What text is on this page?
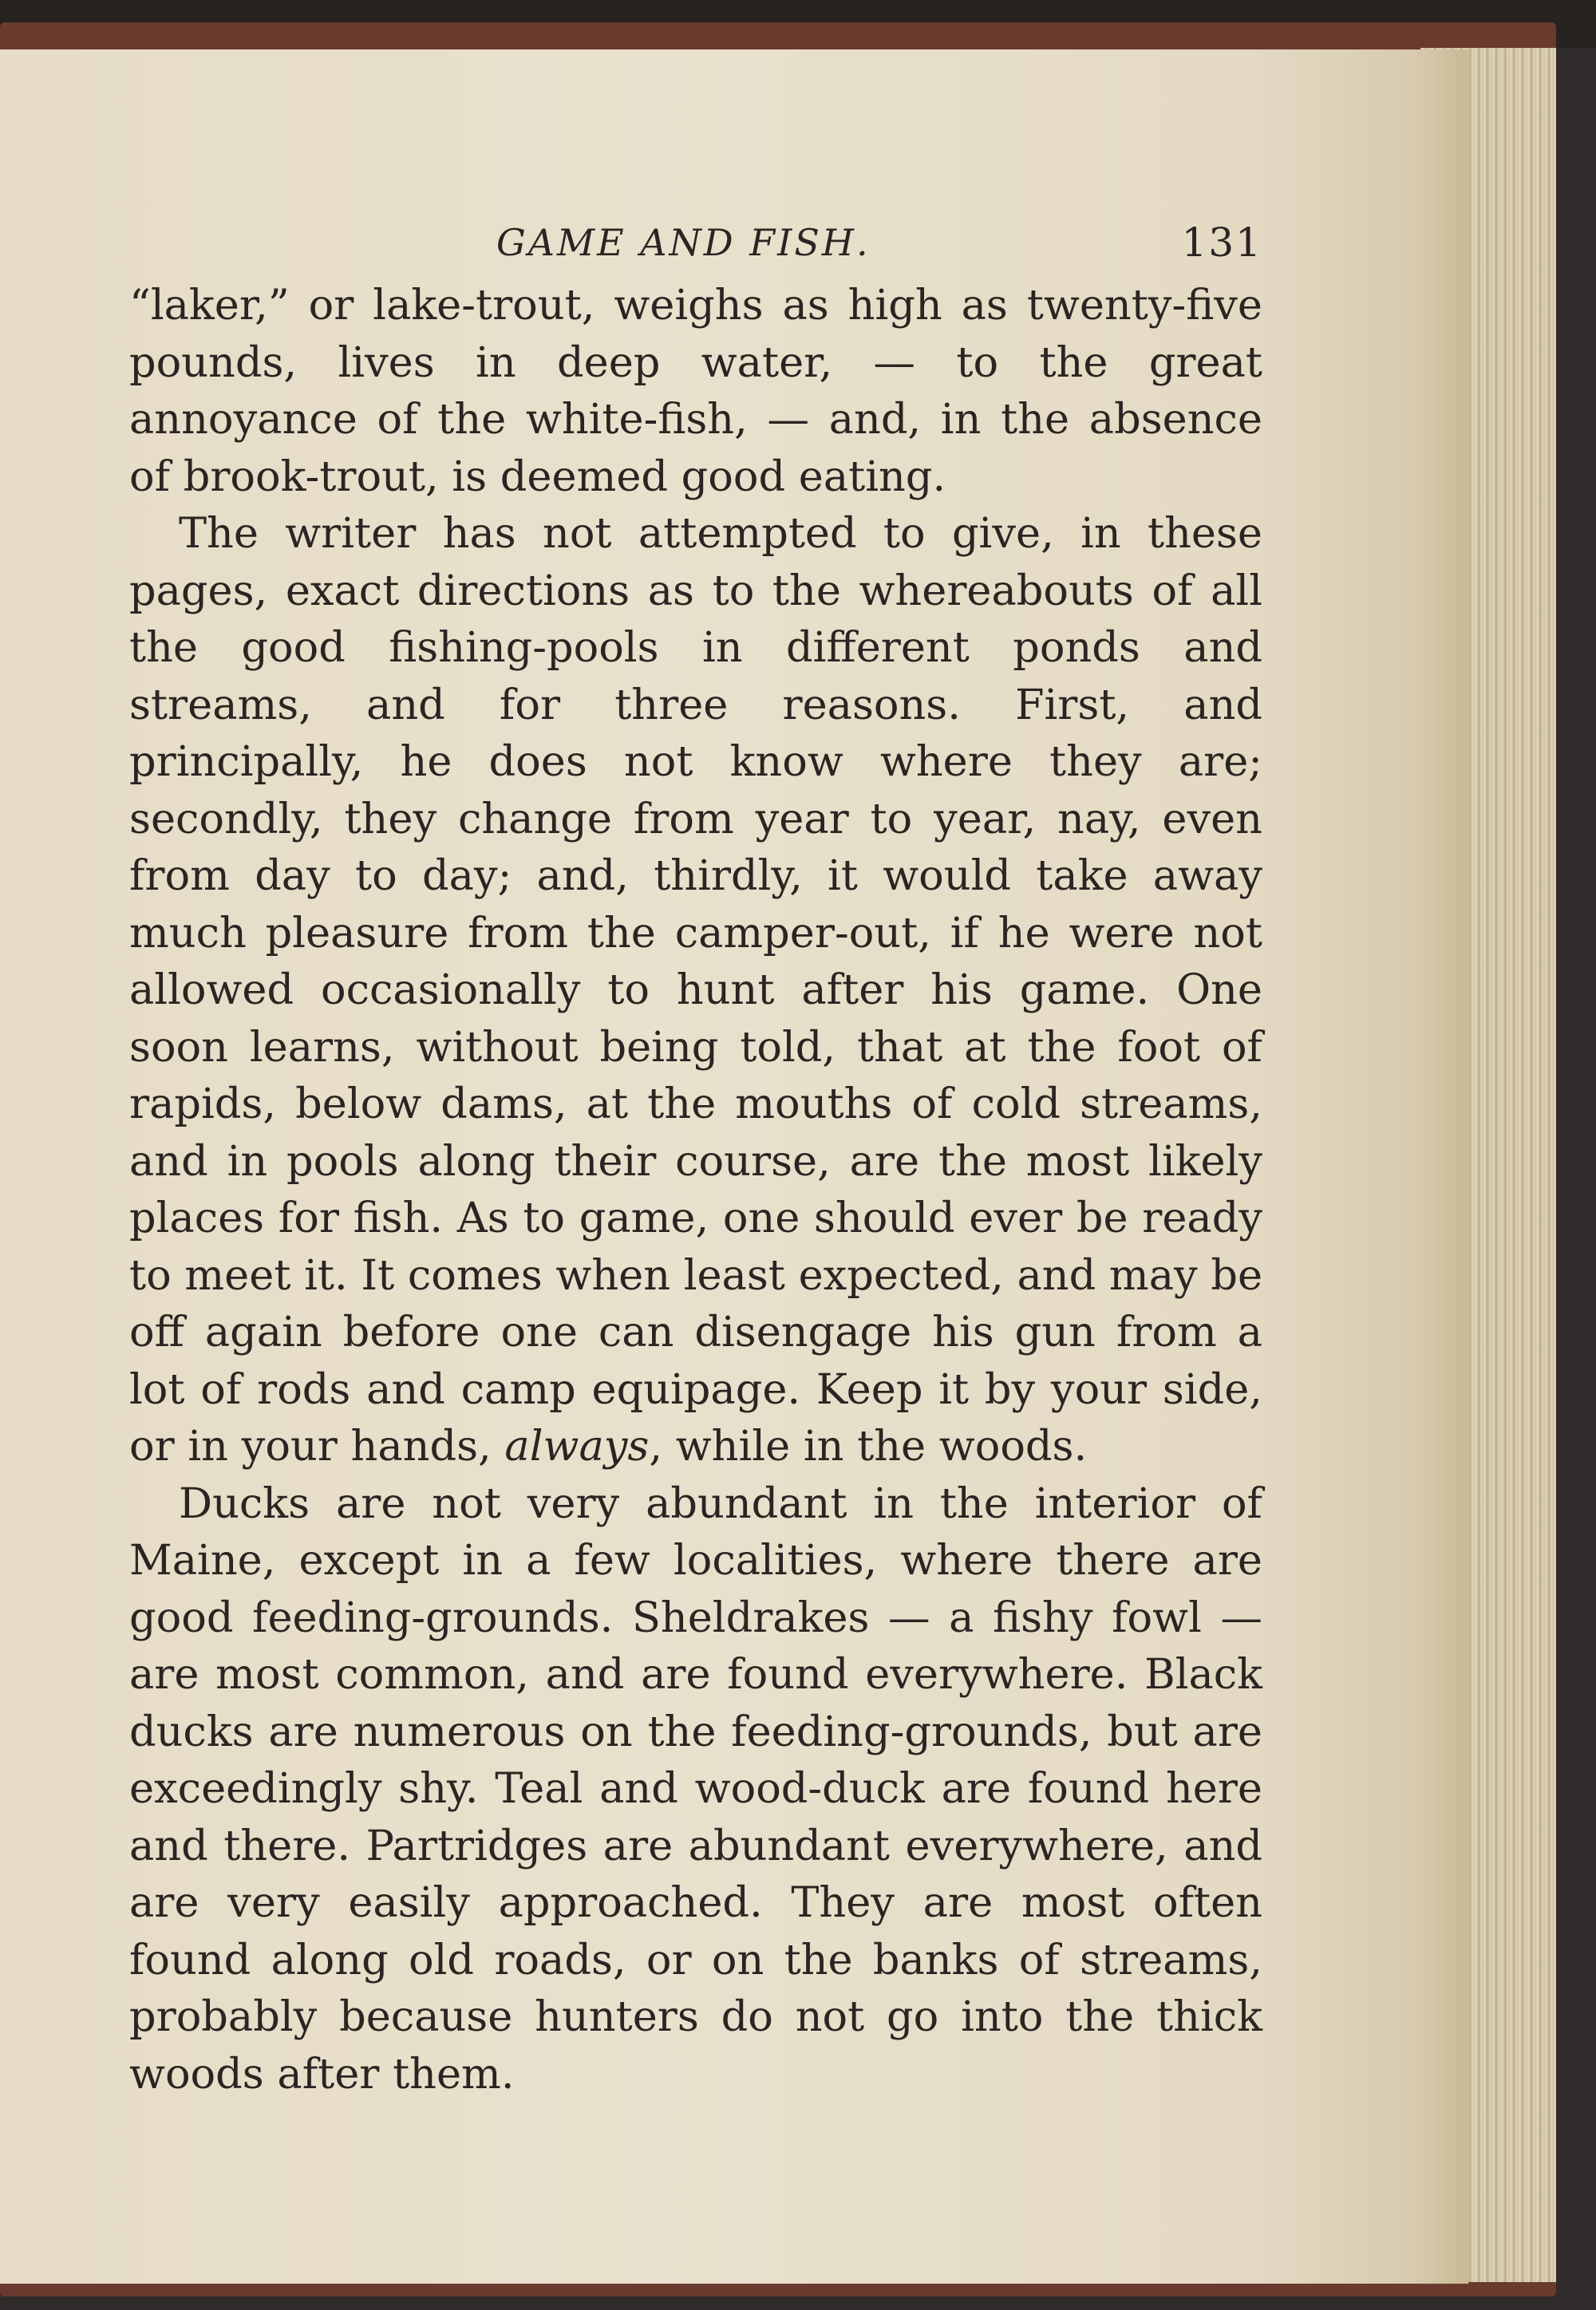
GAME AND FISH.	131

“laker,” or lake-trout, weighs as high as twenty-five pounds, lives in deep water, — to the great annoyance of the white-fish, — and, in the absence of brook-trout, is deemed good eating.

The writer has not attempted to give, in these pages, exact directions as to the whereabouts of all the good fishing-pools in different ponds and streams, and for three reasons. First, and principally, he does not know where they are; secondly, they change from year to year, nay, even from day to day; and, thirdly, it would take away much pleasure from the camper-out, if he were not allowed occasionally to hunt after his game. One soon learns, without being told, that at the foot of rapids, below dams, at the mouths of cold streams, and in pools along their course, are the most likely places for fish. As to game, one should ever be ready to meet it. It comes when least expected, and may be off again before one can disengage his gun from a lot of rods and camp equipage. Keep it by your side, or in your hands, always, while in the woods.

Ducks are not very abundant in the interior of Maine, except in a few localities, where there are good feeding-grounds. Sheldrakes — a fishy fowl — are most common, and are found everywhere. Black ducks are numerous on the feeding-grounds, but are exceedingly shy. Teal and wood-duck are found here and there. Partridges are abundant everywhere, and are very easily approached. They are most often found along old roads, or on the banks of streams, probably because hunters do not go into the thick woods after them.
